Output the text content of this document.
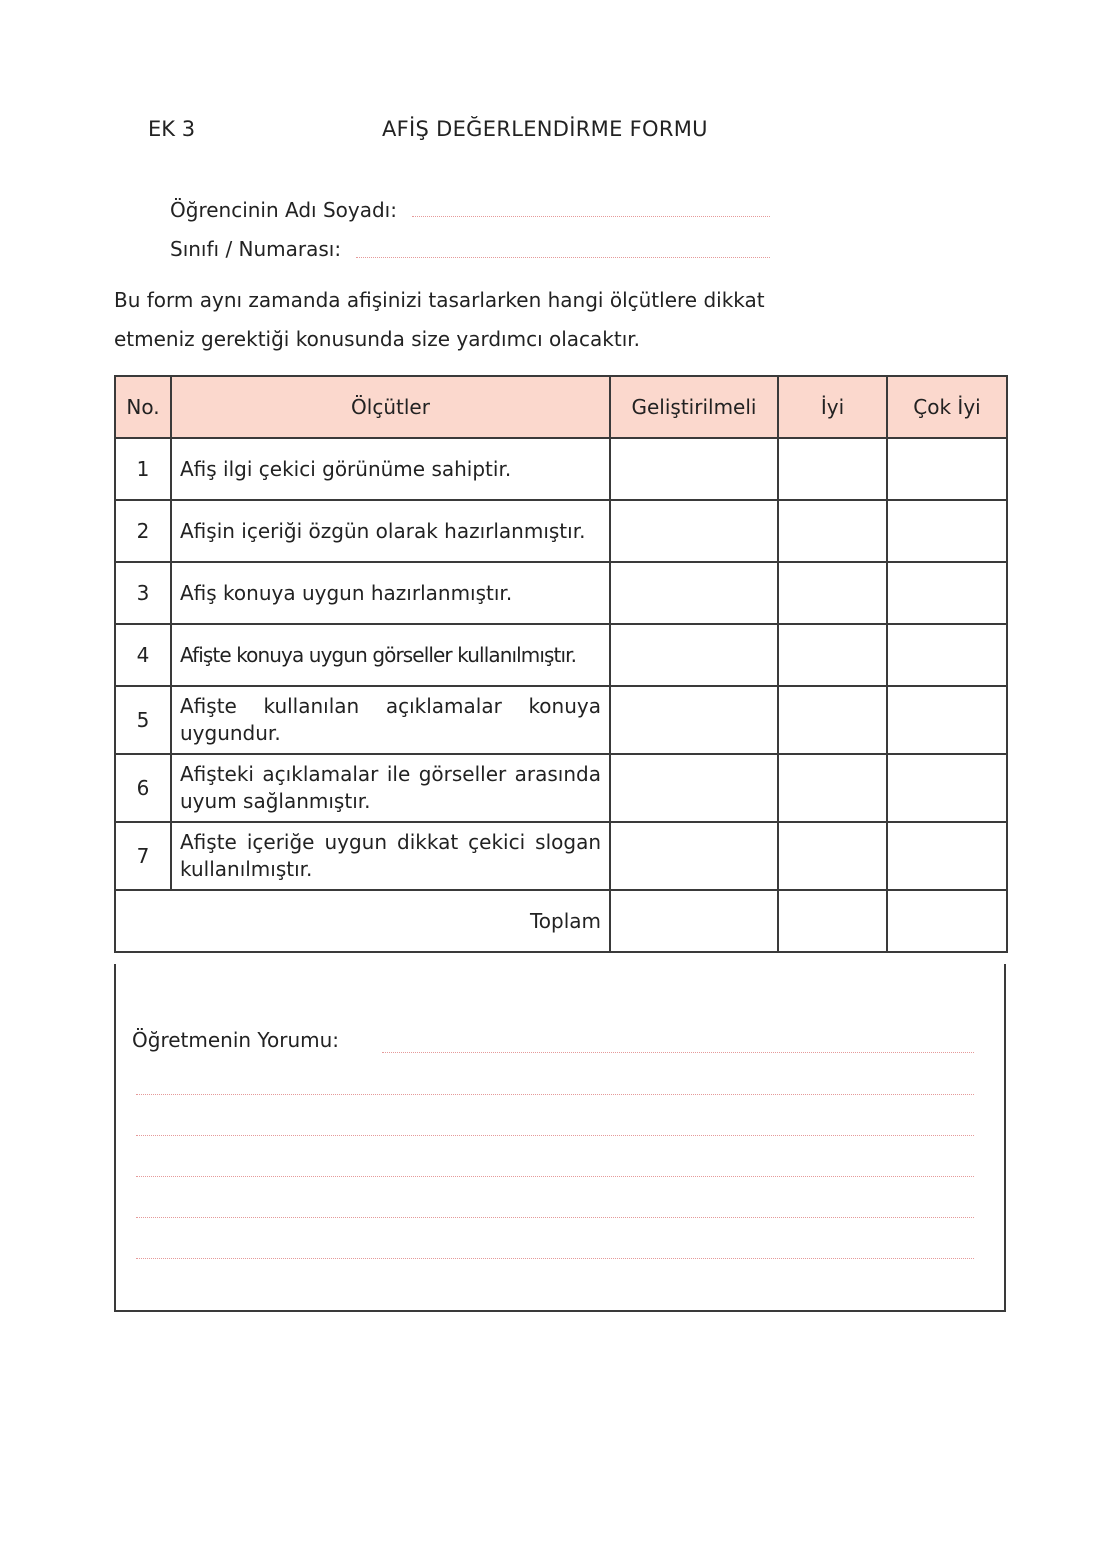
EK 3	AFİŞ DEĞERLENDİRME FORMU
Öğrencinin Adı Soyadı:
Sınıfı / Numarası:
Bu form aynı zamanda afişinizi tasarlarken hangi ölçütlere dikkat
etmeniz gerektiği konusunda size yardımcı olacaktır.
No.	Ölçütler	Geliştirilmeli	İyi	Çok İyi
1	Afiş ilgi çekici görünüme sahiptir.			
2	Afişin içeriği özgün olarak hazırlanmıştır.			
3	Afiş konuya uygun hazırlanmıştır.			
4	Afişte konuya uygun görseller kullanılmıştır.			
5	Afişte kullanılan açıklamalar konuya uygundur.			
6	Afişteki açıklamalar ile görseller arasında uyum sağlanmıştır.			
7	Afişte içeriğe uygun dikkat çekici slogan kullanılmıştır.			
Toplam				
Öğretmenin Yorumu:
